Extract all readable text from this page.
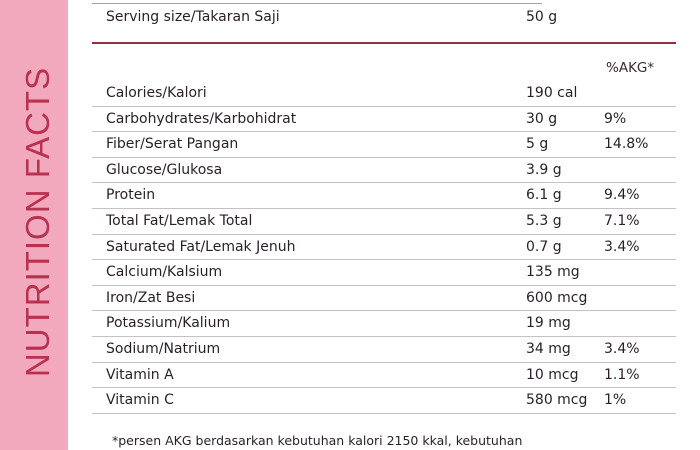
NUTRITION FACTS
Serving size/Takaran Saji	50 g
%AKG*
Calories/Kalori	190 cal
Carbohydrates/Karbohidrat	30 g	9%
Fiber/Serat Pangan	5 g	14.8%
Glucose/Glukosa	3.9 g
Protein	6.1 g	9.4%
Total Fat/Lemak Total	5.3 g	7.1%
Saturated Fat/Lemak Jenuh	0.7 g	3.4%
Calcium/Kalsium	135 mg
Iron/Zat Besi	600 mcg
Potassium/Kalium	19 mg
Sodium/Natrium	34 mg 3.4%
Vitamin A	10 mcg 1.1%
Vitamin C	580 mcg 1%
*persen AKG berdasarkan kebutuhan kalori 2150 kkal, kebutuhan
